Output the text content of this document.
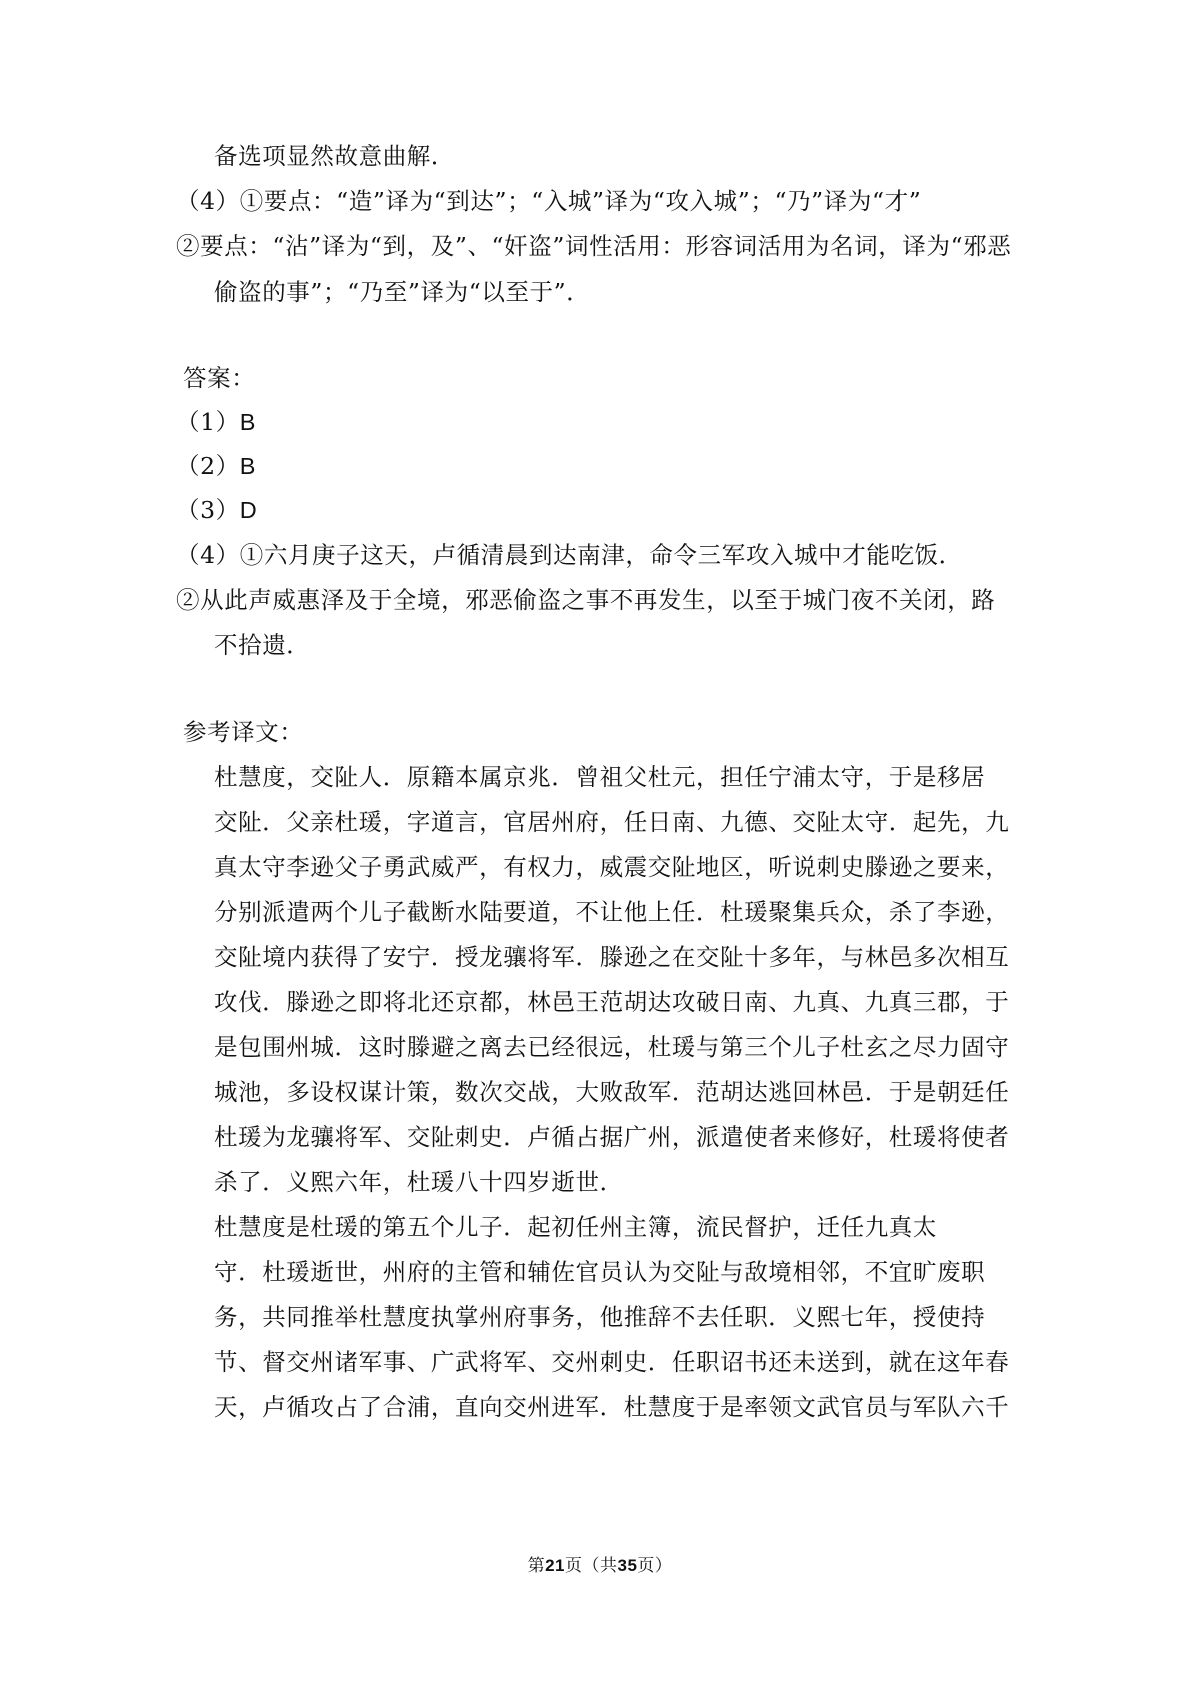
备选项显然故意曲解．
（4）①要点：“造”译为“到达”；“入城”译为“攻入城”；“乃”译为“才”
②要点：“沾”译为“到，及”、“奸盗”词性活用：形容词活用为名词，译为“邪恶
偷盗的事”；“乃至”译为“以至于”．
答案：
（1）B
（2）B
（3）D
（4）①六月庚子这天，卢循清晨到达南津，命令三军攻入城中才能吃饭．
②从此声威惠泽及于全境，邪恶偷盗之事不再发生，以至于城门夜不关闭，路
不拾遗．
参考译文：
杜慧度，交阯人．原籍本属京兆．曾祖父杜元，担任宁浦太守，于是移居
交阯．父亲杜瑗，字道言，官居州府，任日南、九德、交阯太守．起先，九
真太守李逊父子勇武威严，有权力，威震交阯地区，听说刺史滕逊之要来，
分别派遣两个儿子截断水陆要道，不让他上任．杜瑗聚集兵众，杀了李逊，
交阯境内获得了安宁．授龙骧将军．滕逊之在交阯十多年，与林邑多次相互
攻伐．滕逊之即将北还京都，林邑王范胡达攻破日南、九真、九真三郡，于
是包围州城．这时滕避之离去已经很远，杜瑗与第三个儿子杜玄之尽力固守
城池，多设权谋计策，数次交战，大败敌军．范胡达逃回林邑．于是朝廷任
杜瑗为龙骧将军、交阯刺史．卢循占据广州，派遣使者来修好，杜瑗将使者
杀了．义熙六年，杜瑗八十四岁逝世．
杜慧度是杜瑗的第五个儿子．起初任州主簿，流民督护，迁任九真太
守．杜瑗逝世，州府的主管和辅佐官员认为交阯与敌境相邻，不宜旷废职
务，共同推举杜慧度执掌州府事务，他推辞不去任职．义熙七年，授使持
节、督交州诸军事、广武将军、交州刺史．任职诏书还未送到，就在这年春
天，卢循攻占了合浦，直向交州进军．杜慧度于是率领文武官员与军队六千
第21页（共35页）
